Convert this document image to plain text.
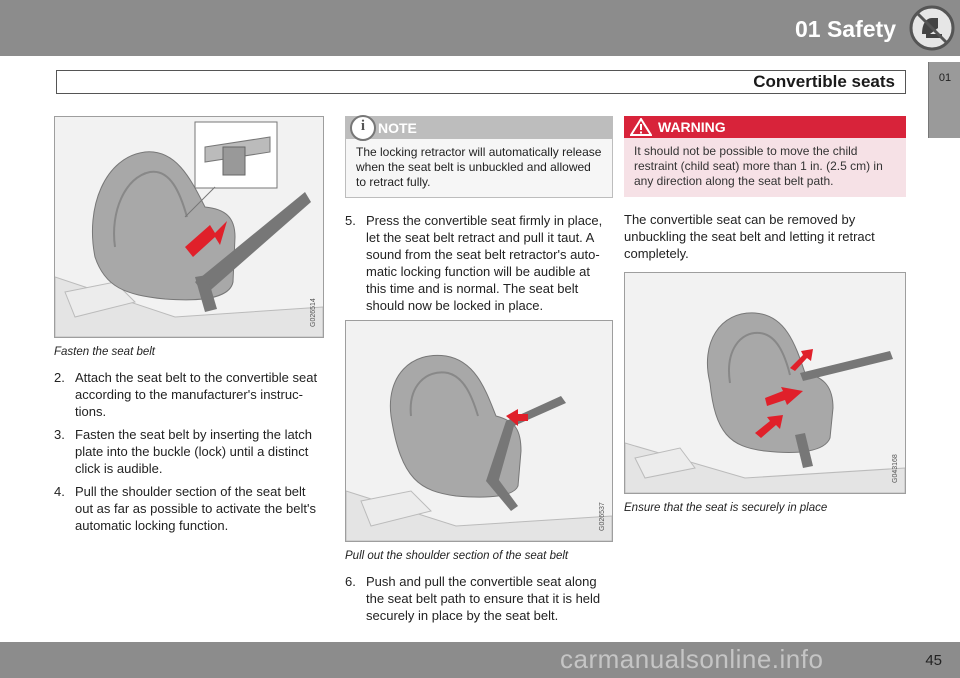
01 Safety
Convertible seats	01
G026514
Fasten the seat belt
2. Attach the seat belt to the convertible seat according to the manufacturer's instruc-tions.
3. Fasten the seat belt by inserting the latch plate into the buckle (lock) until a distinct click is audible.
4. Pull the shoulder section of the seat belt out as far as possible to activate the belt's automatic locking function.
i NOTE
The locking retractor will automatically release when the seat belt is unbuckled and allowed to retract fully.
5. Press the convertible seat firmly in place, let the seat belt retract and pull it taut. A sound from the seat belt retractor's auto-matic locking function will be audible at this time and is normal. The seat belt should now be locked in place.
G026537
Pull out the shoulder section of the seat belt
6. Push and pull the convertible seat along the seat belt path to ensure that it is held securely in place by the seat belt.
WARNING
It should not be possible to move the child restraint (child seat) more than 1 in. (2.5 cm) in any direction along the seat belt path.

The convertible seat can be removed by unbuckling the seat belt and letting it retract completely.

G043168
Ensure that the seat is securely in place
45
carmanualsonline.info
